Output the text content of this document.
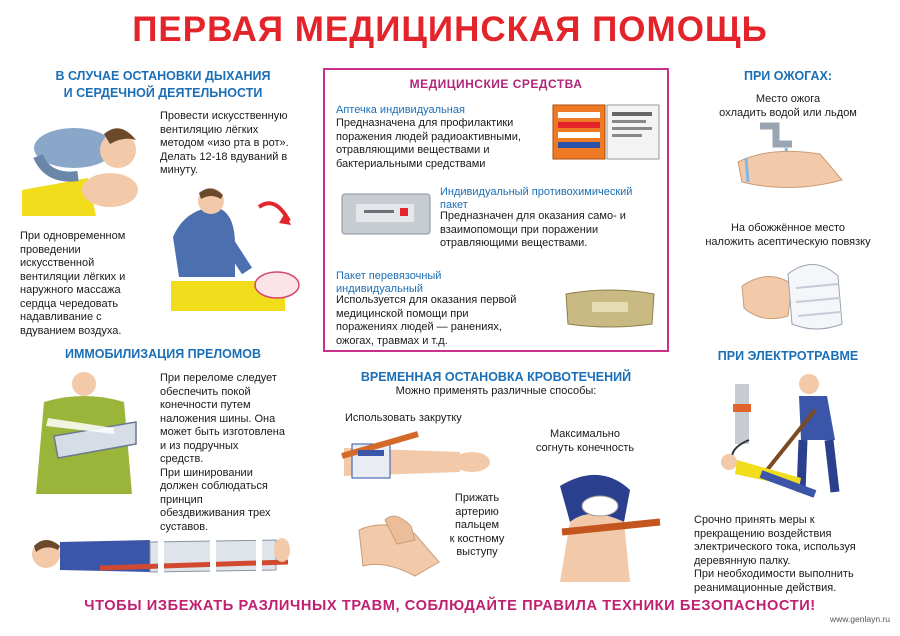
ПЕРВАЯ МЕДИЦИНСКАЯ ПОМОЩЬ
В СЛУЧАЕ ОСТАНОВКИ ДЫХАНИЯ
И СЕРДЕЧНОЙ ДЕЯТЕЛЬНОСТИ
Провести искусственную
вентиляцию лёгких
методом «изо рта в рот».
Делать 12-18 вдуваний в
минуту.
При одновременном
проведении
искусственной
вентиляции лёгких и
наружного массажа
сердца чередовать
надавливание с
вдуванием воздуха.
ИММОБИЛИЗАЦИЯ ПРЕЛОМОВ
При переломе следует
обеспечить покой
конечности путем
наложения шины. Она
может быть изготовлена
и из подручных
средств.
При шинировании
должен соблюдаться
принцип
обездвиживания трех
суставов.
МЕДИЦИНСКИЕ СРЕДСТВА
Аптечка индивидуальная
Предназначена для профилактики
поражения людей радиоактивными,
отравляющими веществами и
бактериальными средствами
Индивидуальный противохимический
пакет
Предназначен для оказания само- и
взаимопомощи при поражении
отравляющими веществами.
Пакет перевязочный
индивидуальный
Используется для оказания первой
медицинской помощи при
поражениях людей — ранениях,
ожогах, травмах и т.д.
ВРЕМЕННАЯ ОСТАНОВКА КРОВОТЕЧЕНИЙ
Можно применять различные способы:
Использовать закрутку
Максимально
согнуть конечность
Прижать
артерию
пальцем
к костному
выступу
ПРИ ОЖОГАХ:
Место ожога
охладить водой или льдом
На обожжённое место
наложить асептическую повязку
ПРИ ЭЛЕКТРОТРАВМЕ
Срочно принять меры к
прекращению воздействия
электрического тока, используя
деревянную палку.
При необходимости выполнить
реанимационные действия.
ЧТОБЫ ИЗБЕЖАТЬ РАЗЛИЧНЫХ ТРАВМ, СОБЛЮДАЙТЕ ПРАВИЛА ТЕХНИКИ БЕЗОПАСНОСТИ!
www.genlayn.ru
